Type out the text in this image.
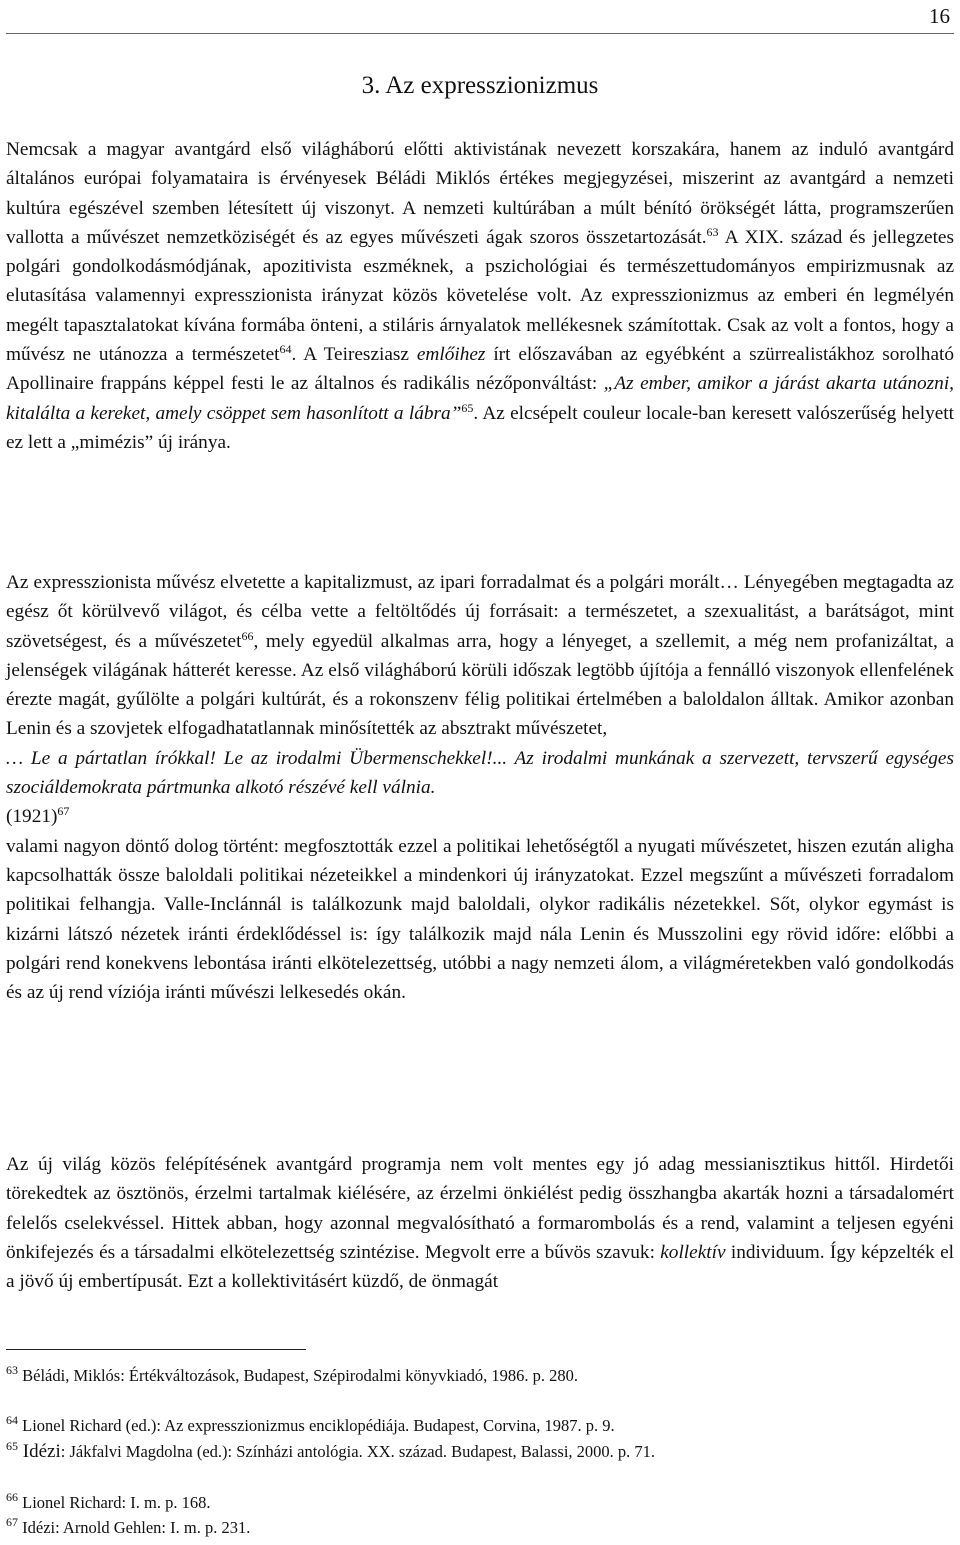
16
3. Az expresszionizmus

Nemcsak a magyar avantgárd első világháború előtti aktivistának nevezett korszakára, hanem az induló avantgárd általános európai folyamataira is érvényesek Béládi Miklós értékes megjegyzései, miszerint az avantgárd a nemzeti kultúra egészével szemben létesített új viszonyt. A nemzeti kultúrában a múlt bénító örökségét látta, programszerűen vallotta a művészet nemzetköziségét és az egyes művészeti ágak szoros összetartozását.$^{63}$ A XIX. század és jellegzetes polgári gondolkodásmódjának, apozitivista eszméknek, a pszichológiai és természettudományos empirizmusnak az elutasítása valamennyi expresszionista irányzat közös követelése volt. Az expresszionizmus az emberi én legmélyén megélt tapasztalatokat kívána formába önteni, a stiláris árnyalatok mellékesnek számítottak. Csak az volt a fontos, hogy a művész ne utánozza a természetet$^{64}$. A Teiresziasz emlőihez írt előszavában az egyébként a szürrealistákhoz sorolható Apollinaire frappáns képpel festi le az általnos és radikális nézőponváltást: „Az ember, amikor a járást akarta utánozni, kitalálta a kereket, amely csöppet sem hasonlított a lábra”$^{65}$. Az elcsépelt couleur locale-ban keresett valószerűség helyett ez lett a „mimézis” új iránya.

Az expresszionista művész elvetette a kapitalizmust, az ipari forradalmat és a polgári morált… Lényegében megtagadta az egész őt körülvevő világot, és célba vette a feltöltődés új forrásait: a természetet, a szexualitást, a barátságot, mint szövetségest, és a művészetet$^{66}$, mely egyedül alkalmas arra, hogy a lényeget, a szellemit, a még nem profanizáltat, a jelenségek világának hátterét keresse. Az első világháború körüli időszak legtöbb újítója a fennálló viszonyok ellenfelének érezte magát, gyűlölte a polgári kultúrát, és a rokonszenv félig politikai értelmében a baloldalon álltak. Amikor azonban Lenin és a szovjetek elfogadhatatlannak minősítették az absztrakt művészetet,
… Le a pártatlan írókkal! Le az irodalmi Übermenschekkel!... Az irodalmi munkának a szervezett, tervszerű egységes szociáldemokrata pártmunka alkotó részévé kell válnia.
$(1921)^{67}$
valami nagyon döntő dolog történt: megfosztották ezzel a politikai lehetőségtől a nyugati művészetet, hiszen ezután aligha kapcsolhatták össze baloldali politikai nézeteikkel a mindenkori új irányzatokat. Ezzel megszűnt a művészeti forradalom politikai felhangja. Valle-Inclánnál is találkozunk majd baloldali, olykor radikális nézetekkel. Sőt, olykor egymást is kizárni látszó nézetek iránti érdeklődéssel is: így találkozik majd nála Lenin és Musszolini egy rövid időre: előbbi a polgári rend konekvens lebontása iránti elkötelezettség, utóbbi a nagy nemzeti álom, a világméretekben való gondolkodás és az új rend víziója iránti művészi lelkesedés okán.

Az új világ közös felépítésének avantgárd programja nem volt mentes egy jó adag messianisztikus hittől. Hirdetői törekedtek az ösztönös, érzelmi tartalmak kiélésére, az érzelmi önkiélést pedig összhangba akarták hozni a társadalomért felelős cselekvéssel. Hittek abban, hogy azonnal megvalósítható a formarombolás és a rend, valamint a teljesen egyéni önkifejezés és a társadalmi elkötelezettség szintézise. Megvolt erre a bűvös szavuk: kollektív individuum. Így képzelték el a jövő új embertípusát. Ezt a kollektivitásért küzdő, de önmagát

$^{63}$ Béládi, Miklós: Értékváltozások, Budapest, Szépirodalmi könyvkiadó, 1986. p. 280.

$^{64}$ Lionel Richard (ed.): Az expresszionizmus enciklopédiája. Budapest, Corvina, 1987. p. 9.

$^{65}$ Idézi: Jákfalvi Magdolna (ed.): Színházi antológia. XX. század. Budapest, Balassi, 2000. p. 71.

$^{66}$ Lionel Richard: I. m. p. 168.

$^{67}$ Idézi: Arnold Gehlen: I. m. p. 231.
